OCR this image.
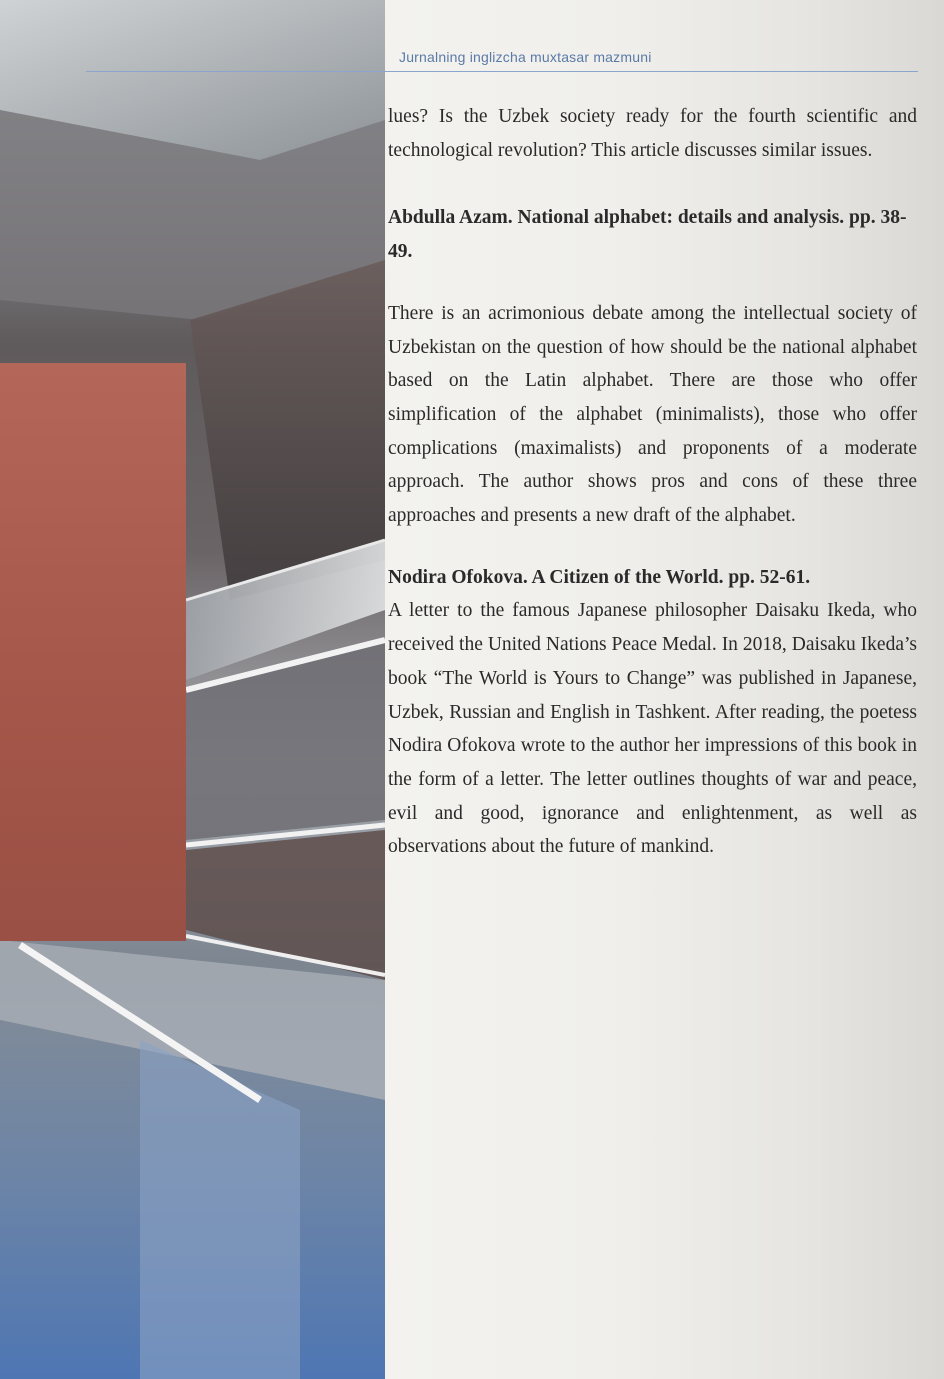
Jurnalning inglizcha muxtasar mazmuni

lues? Is the Uzbek society ready for the fourth scientific and technological revolution? This article discusses similar issues.

Abdulla Azam. National alphabet: details and analysis. pp. 38-49.

There is an acrimonious debate among the intellectual society of Uzbekistan on the question of how should be the national alphabet based on the Latin alphabet. There are those who offer simplification of the alphabet (minimalists), those who offer complications (maximalists) and proponents of a moderate approach. The author shows pros and cons of these three approaches and presents a new draft of the alphabet.

Nodira Ofokova. A Citizen of the World. pp. 52-61.

A letter to the famous Japanese philosopher Daisaku Ikeda, who received the United Nations Peace Medal. In 2018, Daisaku Ikeda’s book “The World is Yours to Change” was published in Japanese, Uzbek, Russian and English in Tashkent. After reading, the poetess Nodira Ofokova wrote to the author her impressions of this book in the form of a letter. The letter outlines thoughts of war and peace, evil and good, ignorance and enlightenment, as well as observations about the future of mankind.
